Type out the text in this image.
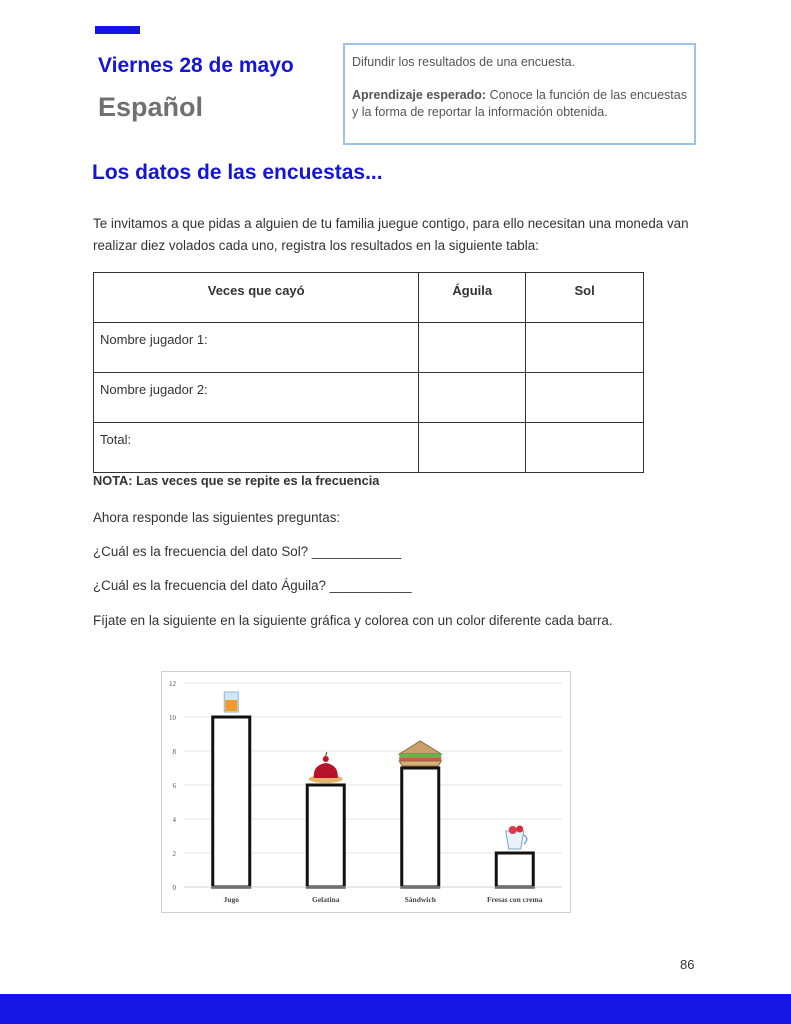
Viernes 28 de mayo
Español

Difundir los resultados de una encuesta.

Aprendizaje esperado: Conoce la función de las encuestas y la forma de reportar la información obtenida.

Los datos de las encuestas...
Te invitamos a que pidas a alguien de tu familia juegue contigo, para ello necesitan una moneda van realizar diez volados cada uno, registra los resultados en la siguiente tabla:
Veces que cayó	Águila	Sol
Nombre jugador 1:		
Nombre jugador 2:		
Total:		
NOTA: Las veces que se repite es la frecuencia
Ahora responde las siguientes preguntas:
¿Cuál es la frecuencia del dato Sol? ____________
¿Cuál es la frecuencia del dato Águila? ___________
Fíjate en la siguiente en la siguiente gráfica y colorea con un color diferente cada barra.
0
2
4
6
8
10
12
Jugo	Gelatina	Sándwich	Fresas con crema
86
